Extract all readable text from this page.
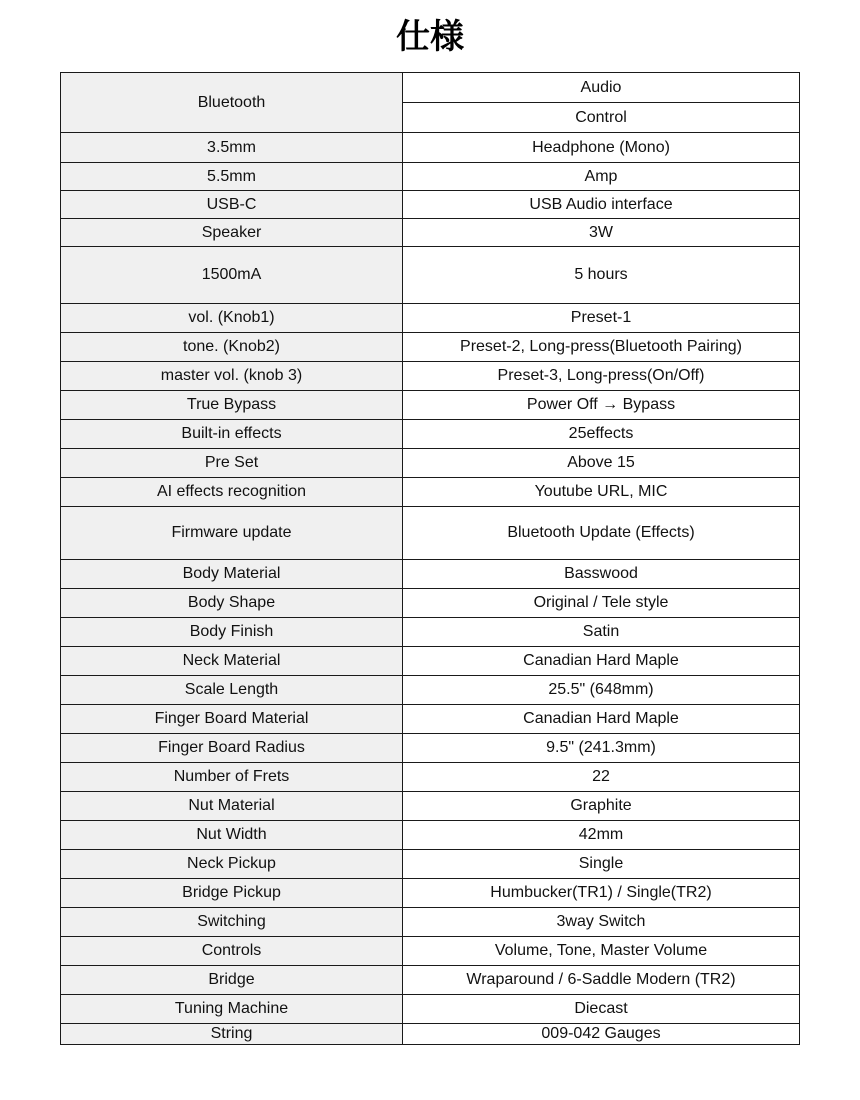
仕様
Bluetooth	Audio
	Control
3.5mm	Headphone (Mono)
5.5mm	Amp
USB-C	USB Audio interface
Speaker	3W
1500mA	5 hours
vol. (Knob1)	Preset-1
tone. (Knob2)	Preset-2, Long-press(Bluetooth Pairing)
master vol. (knob 3)	Preset-3, Long-press(On/Off)
True Bypass	Power Off → Bypass
Built-in effects	25effects
Pre Set	Above 15
AI effects recognition	Youtube URL, MIC
Firmware update	Bluetooth Update (Effects)
Body Material	Basswood
Body Shape	Original / Tele style
Body Finish	Satin
Neck Material	Canadian Hard Maple
Scale Length	25.5" (648mm)
Finger Board Material	Canadian Hard Maple
Finger Board Radius	9.5" (241.3mm)
Number of Frets	22
Nut Material	Graphite
Nut Width	42mm
Neck Pickup	Single
Bridge Pickup	Humbucker(TR1) / Single(TR2)
Switching	3way Switch
Controls	Volume, Tone, Master Volume
Bridge	Wraparound / 6-Saddle Modern (TR2)
Tuning Machine	Diecast
String	009-042 Gauges
